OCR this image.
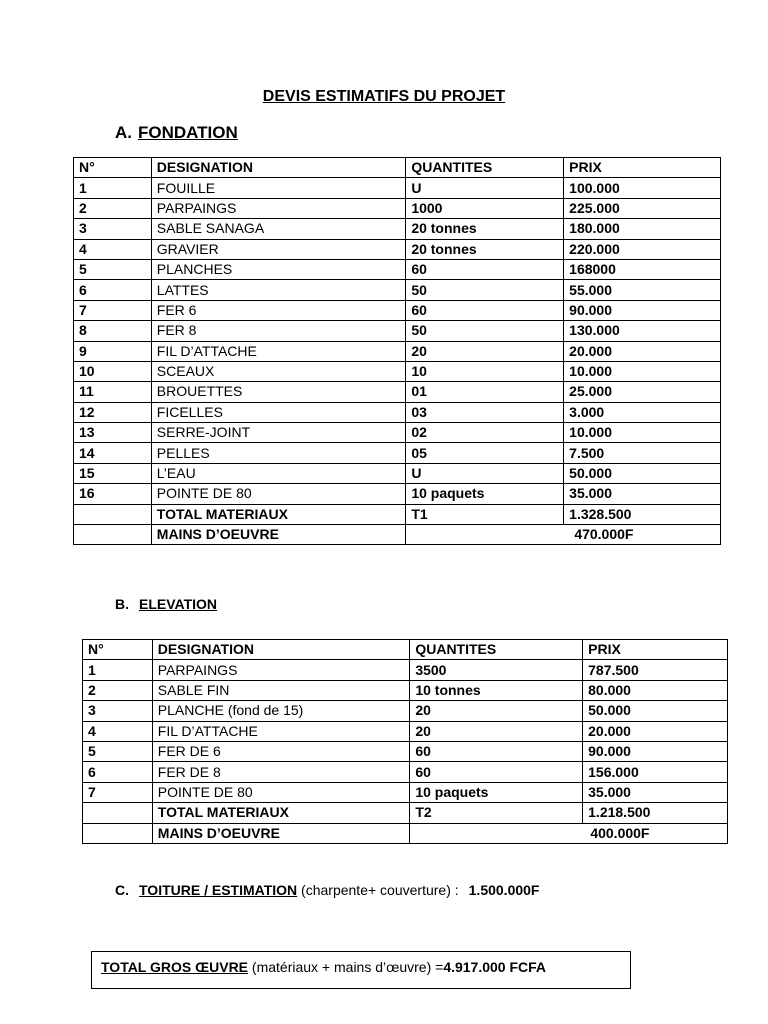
DEVIS ESTIMATIFS DU PROJET
A. FONDATION
N°	DESIGNATION	QUANTITES	PRIX
1	FOUILLE	U	100.000
2	PARPAINGS	1000	225.000
3	SABLE SANAGA	20 tonnes	180.000
4	GRAVIER	20 tonnes	220.000
5	PLANCHES	60	168000
6	LATTES	50	55.000
7	FER 6	60	90.000
8	FER 8	50	130.000
9	FIL D’ATTACHE	20	20.000
10	SCEAUX	10	10.000
11	BROUETTES	01	25.000
12	FICELLES	03	3.000
13	SERRE-JOINT	02	10.000
14	PELLES	05	7.500
15	L’EAU	U	50.000
16	POINTE DE 80	10 paquets	35.000
	TOTAL MATERIAUX	T1	1.328.500
	MAINS D’OEUVRE	470.000F	
B. ELEVATION
N°	DESIGNATION	QUANTITES	PRIX
1	PARPAINGS	3500	787.500
2	SABLE FIN	10 tonnes	80.000
3	PLANCHE (fond de 15)	20	50.000
4	FIL D’ATTACHE	20	20.000
5	FER DE 6	60	90.000
6	FER DE 8	60	156.000
7	POINTE DE 80	10 paquets	35.000
	TOTAL MATERIAUX	T2	1.218.500
	MAINS D’OEUVRE	400.000F	
C. TOITURE / ESTIMATION (charpente+ couverture) : 1.500.000F
TOTAL GROS ŒUVRE (matériaux + mains d’œuvre) =4.917.000 FCFA
